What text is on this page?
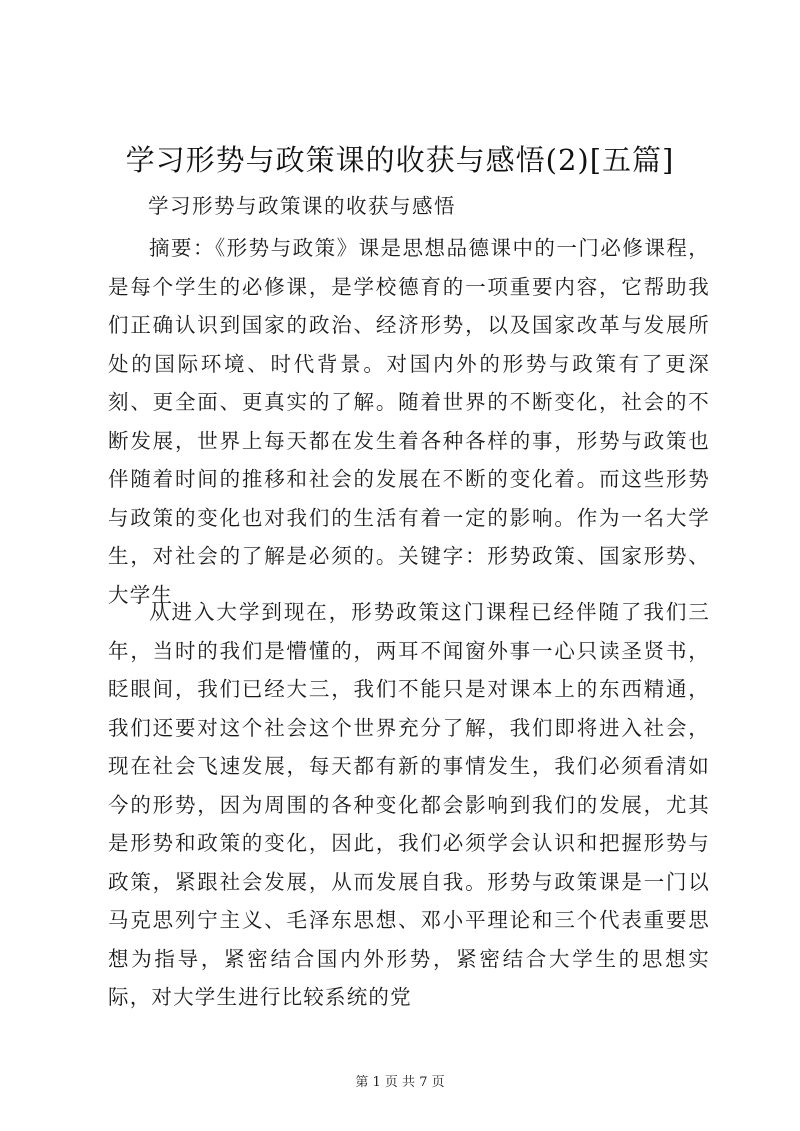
学习形势与政策课的收获与感悟(2)[五篇]
学习形势与政策课的收获与感悟
摘要：《形势与政策》课是思想品德课中的一门必修课程，是每个学生的必修课，是学校德育的一项重要内容，它帮助我们正确认识到国家的政治、经济形势，以及国家改革与发展所处的国际环境、时代背景。对国内外的形势与政策有了更深刻、更全面、更真实的了解。随着世界的不断变化，社会的不断发展，世界上每天都在发生着各种各样的事，形势与政策也伴随着时间的推移和社会的发展在不断的变化着。而这些形势与政策的变化也对我们的生活有着一定的影响。作为一名大学生，对社会的了解是必须的。关键字：形势政策、国家形势、大学生
从进入大学到现在，形势政策这门课程已经伴随了我们三年，当时的我们是懵懂的，两耳不闻窗外事一心只读圣贤书，眨眼间，我们已经大三，我们不能只是对课本上的东西精通，我们还要对这个社会这个世界充分了解，我们即将进入社会，现在社会飞速发展，每天都有新的事情发生，我们必须看清如今的形势，因为周围的各种变化都会影响到我们的发展，尤其是形势和政策的变化，因此，我们必须学会认识和把握形势与政策，紧跟社会发展，从而发展自我。形势与政策课是一门以马克思列宁主义、毛泽东思想、邓小平理论和三个代表重要思想为指导，紧密结合国内外形势，紧密结合大学生的思想实际，对大学生进行比较系统的党
第 1 页 共 7 页
